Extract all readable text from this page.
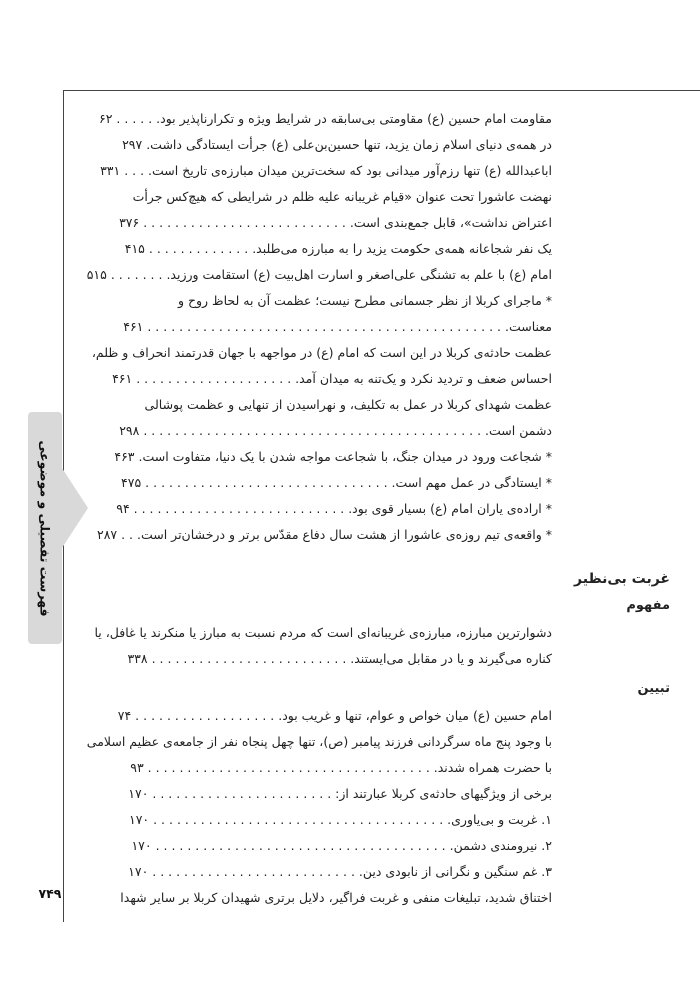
فهرست تفصیلی و موضوعی
۷۴۹
مقاومت امام حسین (ع) مقاومتی بی‌سابقه در شرایط ویژه و تکرارناپذیر بود. . . . . . ۶۲
در همه‌ی دنیای اسلام زمان یزید، تنها حسین‌بن‌علی (ع) جرأت ایستادگی داشت. ۲۹۷
اباعبدالله (ع) تنها رزم‌آور میدانی بود که سخت‌ترین میدان مبارزه‌ی تاریخ است. . . . ۳۳۱
نهضت عاشورا تحت عنوان «قیام غریبانه علیه ظلم در شرایطی که هیچ‌کس جرأت
اعتراض نداشت»، قابل جمع‌بندی است. . . . . . . . . . . . . . . . . . . . . . . . . . . ۳۷۶
یک نفر شجاعانه همه‌ی حکومت یزید را به مبارزه می‌طلبد. . . . . . . . . . . . . . ۴۱۵
امام (ع) با علم به تشنگی علی‌اصغر و اسارت اهل‌بیت (ع) استقامت ورزید. . . . . . . . ۵۱۵
* ماجرای کربلا از نظر جسمانی مطرح نیست؛ عظمت آن به لحاظ روح و
معناست. . . . . . . . . . . . . . . . . . . . . . . . . . . . . . . . . . . . . . . . . . . . . . ۴۶۱
عظمت حادثه‌ی کربلا در این است که امام (ع) در مواجهه با جهان قدرتمند انحراف و ظلم،
احساس ضعف و تردید نکرد و یک‌تنه به میدان آمد. . . . . . . . . . . . . . . . . . . . . ۴۶۱
عظمت شهدای کربلا در عمل به تکلیف، و نهراسیدن از تنهایی و عظمت پوشالی
دشمن است. . . . . . . . . . . . . . . . . . . . . . . . . . . . . . . . . . . . . . . . . . . . ۲۹۸
* شجاعت ورود در میدان جنگ، با شجاعت مواجه شدن با یک دنیا، متفاوت است. ۴۶۳
* ایستادگی در عمل مهم است. . . . . . . . . . . . . . . . . . . . . . . . . . . . . . . . ۴۷۵
* اراده‌ی یاران امام (ع) بسیار قوی بود. . . . . . . . . . . . . . . . . . . . . . . . . . . . ۹۴
* واقعه‌ی تیم روزه‌ی عاشورا از هشت سال دفاع مقدّس برتر و درخشان‌تر است. . . ۲۸۷
غربت بی‌نظیر
مفهوم
دشوارترین مبارزه، مبارزه‌ی غریبانه‌ای است که مردم نسبت به مبارز یا منکرند یا غافل، یا
کناره می‌گیرند و یا در مقابل می‌ایستند. . . . . . . . . . . . . . . . . . . . . . . . . . ۳۳۸
تبیین
امام حسین (ع) میان خواص و عوام، تنها و غریب بود. . . . . . . . . . . . . . . . . . . ۷۴
با وجود پنج ماه سرگردانی فرزند پیامبر (ص)، تنها چهل پنجاه نفر از جامعه‌ی عظیم اسلامی
با حضرت همراه شدند. . . . . . . . . . . . . . . . . . . . . . . . . . . . . . . . . . . . . ۹۳
برخی از ویژگیهای حادثه‌ی کربلا عبارتند از: . . . . . . . . . . . . . . . . . . . . . . . ۱۷۰
۱. غربت و بی‌یاوری. . . . . . . . . . . . . . . . . . . . . . . . . . . . . . . . . . . . . . ۱۷۰
۲. نیرومندی دشمن. . . . . . . . . . . . . . . . . . . . . . . . . . . . . . . . . . . . . . ۱۷۰
۳. غم سنگین و نگرانی از نابودی دین. . . . . . . . . . . . . . . . . . . . . . . . . . . ۱۷۰
اختناق شدید، تبلیغات منفی و غربت فراگیر، دلایل برتری شهیدان کربلا بر سایر شهدا
